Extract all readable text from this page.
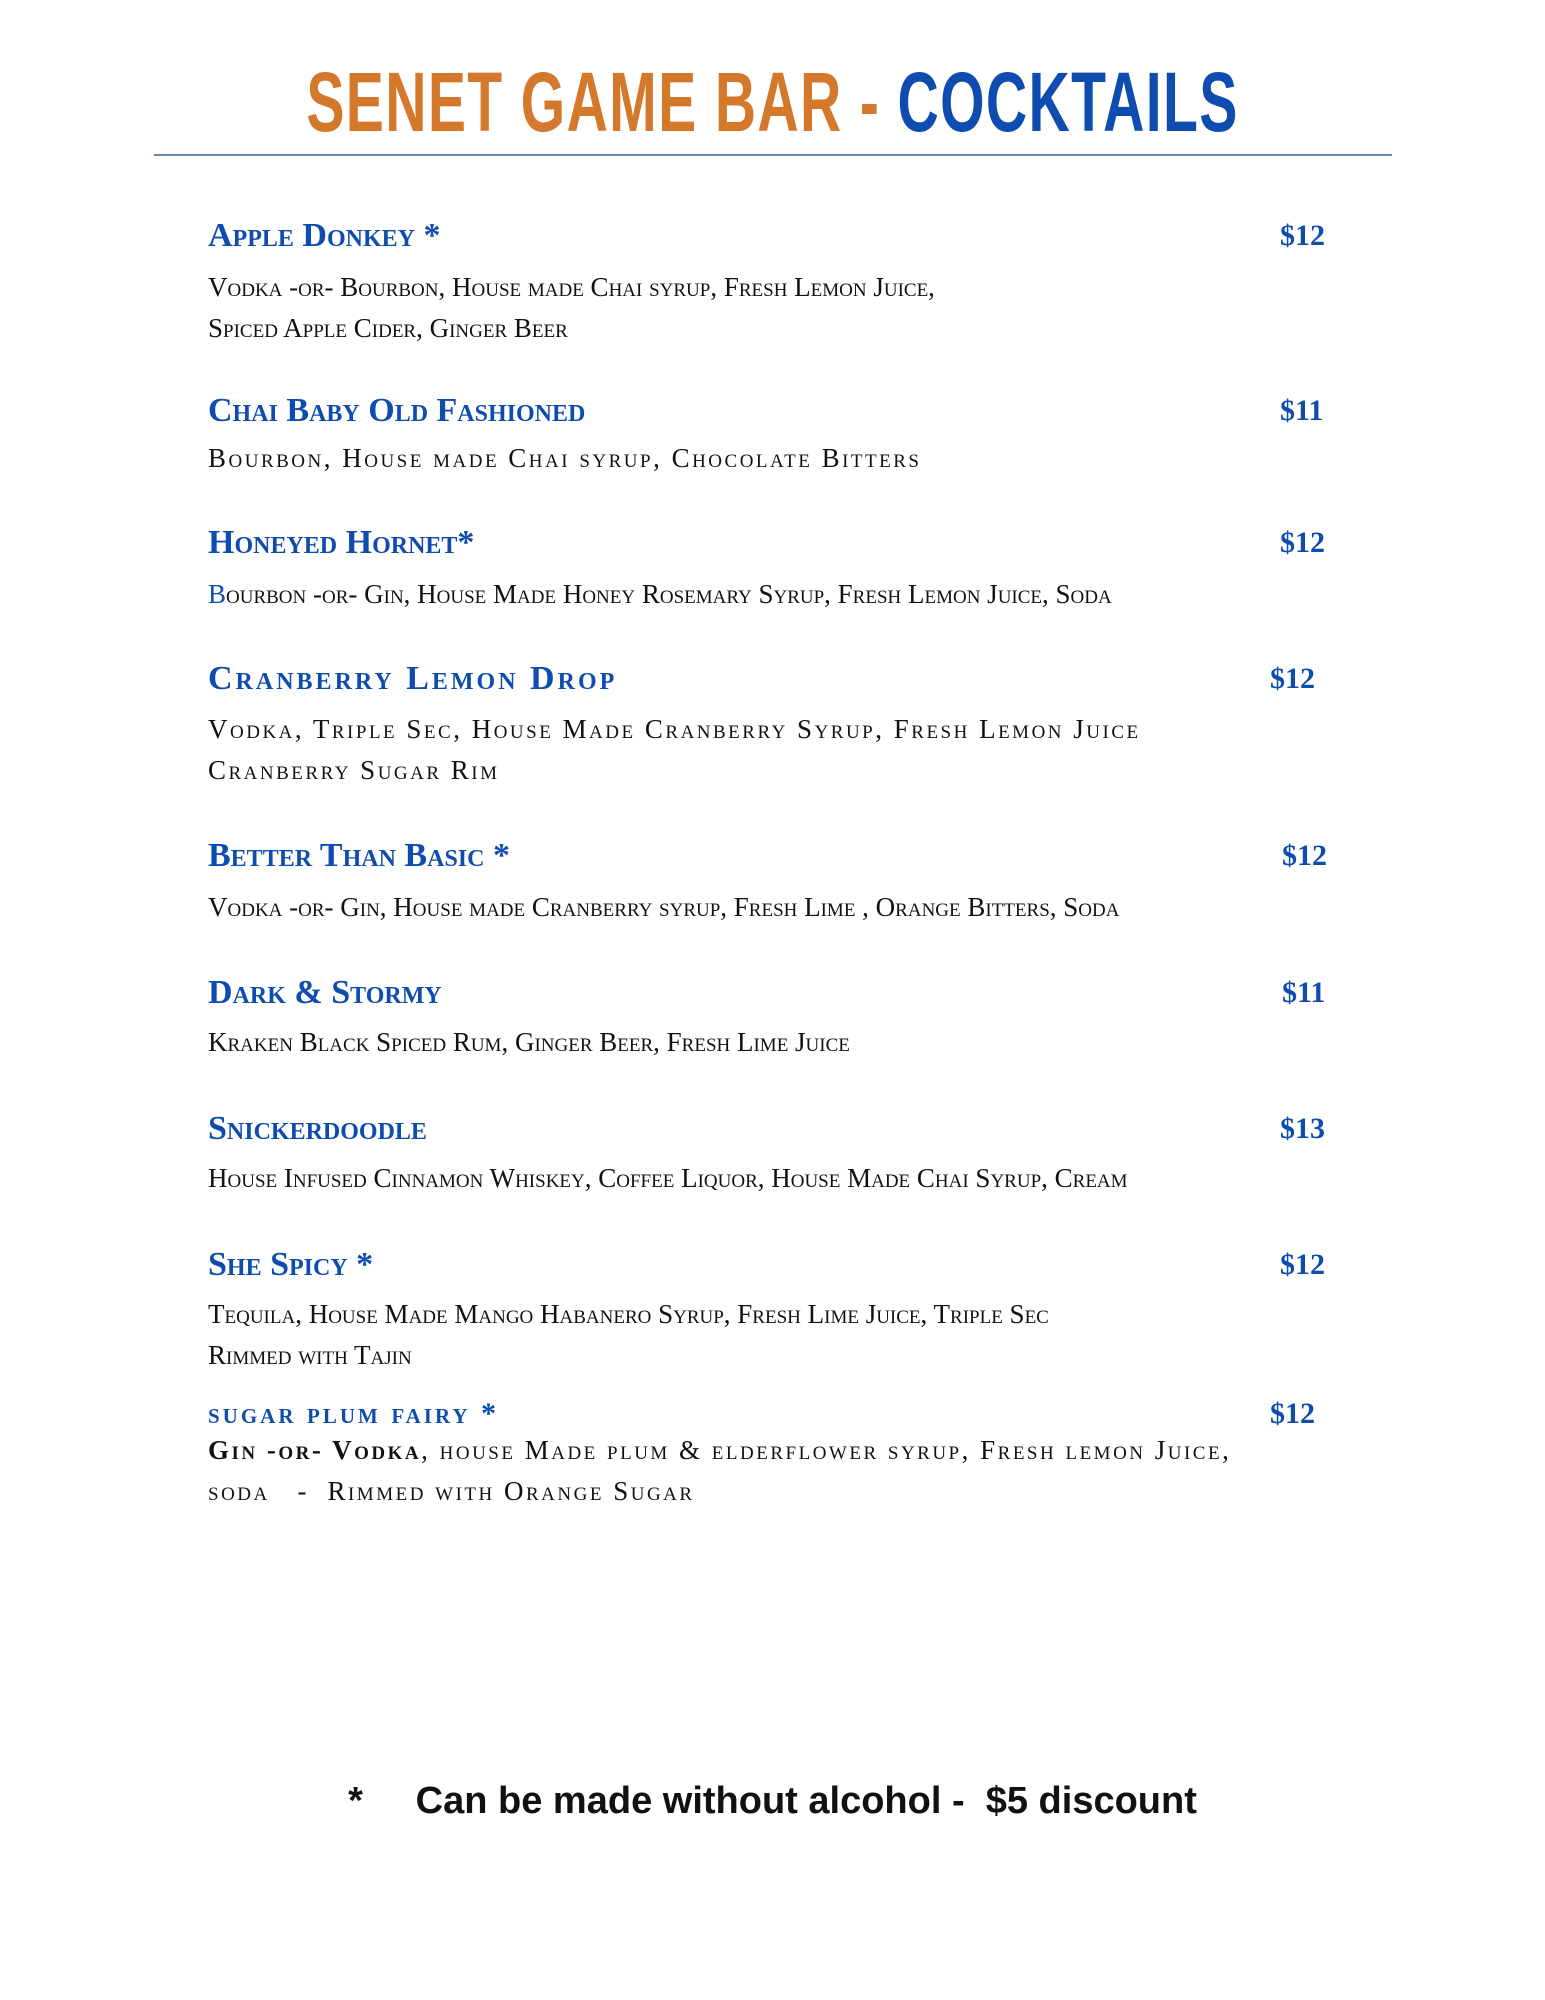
SENET GAME BAR - COCKTAILS
Apple Donkey *	$12
Vodka -or- Bourbon, House made Chai syrup, Fresh Lemon Juice,
Spiced Apple Cider, Ginger Beer
Chai Baby Old Fashioned	$11
Bourbon, House made Chai syrup, Chocolate Bitters
Honeyed Hornet*	$12
Bourbon -or- Gin, House Made Honey Rosemary Syrup, Fresh Lemon Juice, Soda
Cranberry Lemon Drop	$12
Vodka, Triple Sec, House Made Cranberry Syrup, Fresh Lemon Juice
Cranberry Sugar Rim
Better Than Basic *	$12
Vodka -or- Gin, House made Cranberry syrup, Fresh Lime , Orange Bitters, Soda
Dark & Stormy	$11
Kraken Black Spiced Rum, Ginger Beer, Fresh Lime Juice
Snickerdoodle	$13
House Infused Cinnamon Whiskey, Coffee Liquor, House Made Chai Syrup, Cream
She Spicy *	$12
Tequila, House Made Mango Habanero Syrup, Fresh Lime Juice, Triple Sec
Rimmed with Tajin
sugar plum fairy *	$12
Gin -or- Vodka, house Made plum & elderflower syrup, Fresh lemon Juice,
soda   -  Rimmed with Orange Sugar
*     Can be made without alcohol -  $5 discount
